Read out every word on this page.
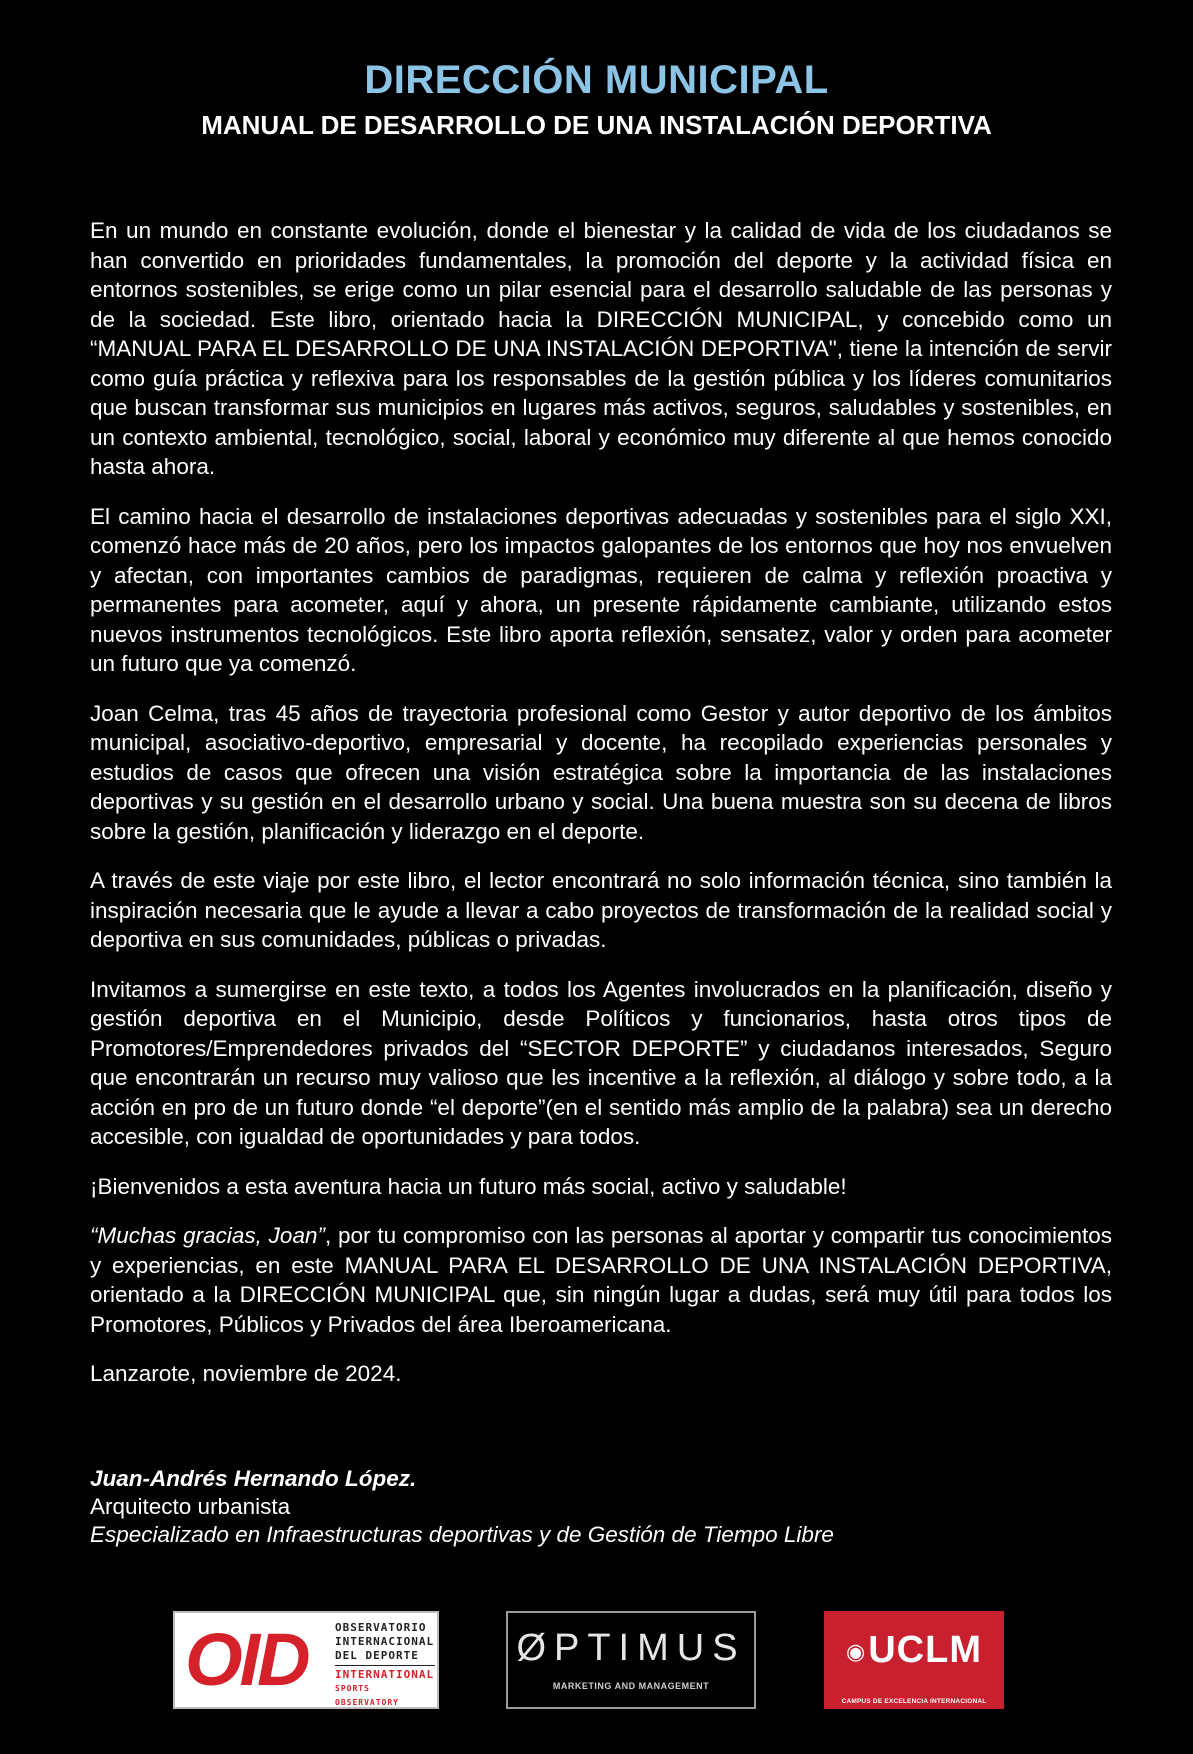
DIRECCIÓN MUNICIPAL
MANUAL DE DESARROLLO DE UNA INSTALACIÓN DEPORTIVA

En un mundo en constante evolución, donde el bienestar y la calidad de vida de los ciudadanos se han convertido en prioridades fundamentales, la promoción del deporte y la actividad física en entornos sostenibles, se erige como un pilar esencial para el desarrollo saludable de las personas y de la sociedad. Este libro, orientado hacia la DIRECCIÓN MUNICIPAL, y concebido como un “MANUAL PARA EL DESARROLLO DE UNA INSTALACIÓN DEPORTIVA", tiene la intención de servir como guía práctica y reflexiva para los responsables de la gestión pública y los líderes comunitarios que buscan transformar sus municipios en lugares más activos, seguros, saludables y sostenibles, en un contexto ambiental, tecnológico, social, laboral y económico muy diferente al que hemos conocido hasta ahora.

El camino hacia el desarrollo de instalaciones deportivas adecuadas y sostenibles para el siglo XXI, comenzó hace más de 20 años, pero los impactos galopantes de los entornos que hoy nos envuelven y afectan, con importantes cambios de paradigmas, requieren de calma y reflexión proactiva y permanentes para acometer, aquí y ahora, un presente rápidamente cambiante, utilizando estos nuevos instrumentos tecnológicos. Este libro aporta reflexión, sensatez, valor y orden para acometer un futuro que ya comenzó.

Joan Celma, tras 45 años de trayectoria profesional como Gestor y autor deportivo de los ámbitos municipal, asociativo-deportivo, empresarial y docente, ha recopilado experiencias personales y estudios de casos que ofrecen una visión estratégica sobre la importancia de las instalaciones deportivas y su gestión en el desarrollo urbano y social. Una buena muestra son su decena de libros sobre la gestión, planificación y liderazgo en el deporte.

A través de este viaje por este libro, el lector encontrará no solo información técnica, sino también la inspiración necesaria que le ayude a llevar a cabo proyectos de transformación de la realidad social y deportiva en sus comunidades, públicas o privadas.

Invitamos a sumergirse en este texto, a todos los Agentes involucrados en la planificación, diseño y gestión deportiva en el Municipio, desde Políticos y funcionarios, hasta otros tipos de Promotores/Emprendedores privados del “SECTOR DEPORTE” y ciudadanos interesados, Seguro que encontrarán un recurso muy valioso que les incentive a la reflexión, al diálogo y sobre todo, a la acción en pro de un futuro donde “el deporte”(en el sentido más amplio de la palabra) sea un derecho accesible, con igualdad de oportunidades y para todos.

¡Bienvenidos a esta aventura hacia un futuro más social, activo y saludable!

“Muchas gracias, Joan”, por tu compromiso con las personas al aportar y compartir tus conocimientos y experiencias, en este MANUAL PARA EL DESARROLLO DE UNA INSTALACIÓN DEPORTIVA, orientado a la DIRECCIÓN MUNICIPAL que, sin ningún lugar a dudas, será muy útil para todos los Promotores, Públicos y Privados del área Iberoamericana.

Lanzarote, noviembre de 2024.

Juan-Andrés Hernando López.
Arquitecto urbanista
Especializado en Infraestructuras deportivas y de Gestión de Tiempo Libre
OID OBSERVATORIO
INTERNACIONAL
DEL DEPORTE
INTERNATIONAL
SPORTS OBSERVATORY
ØPTIMUS
MARKETING AND MANAGEMENT
◉UCLM
CAMPUS DE EXCELENCIA INTERNACIONAL
